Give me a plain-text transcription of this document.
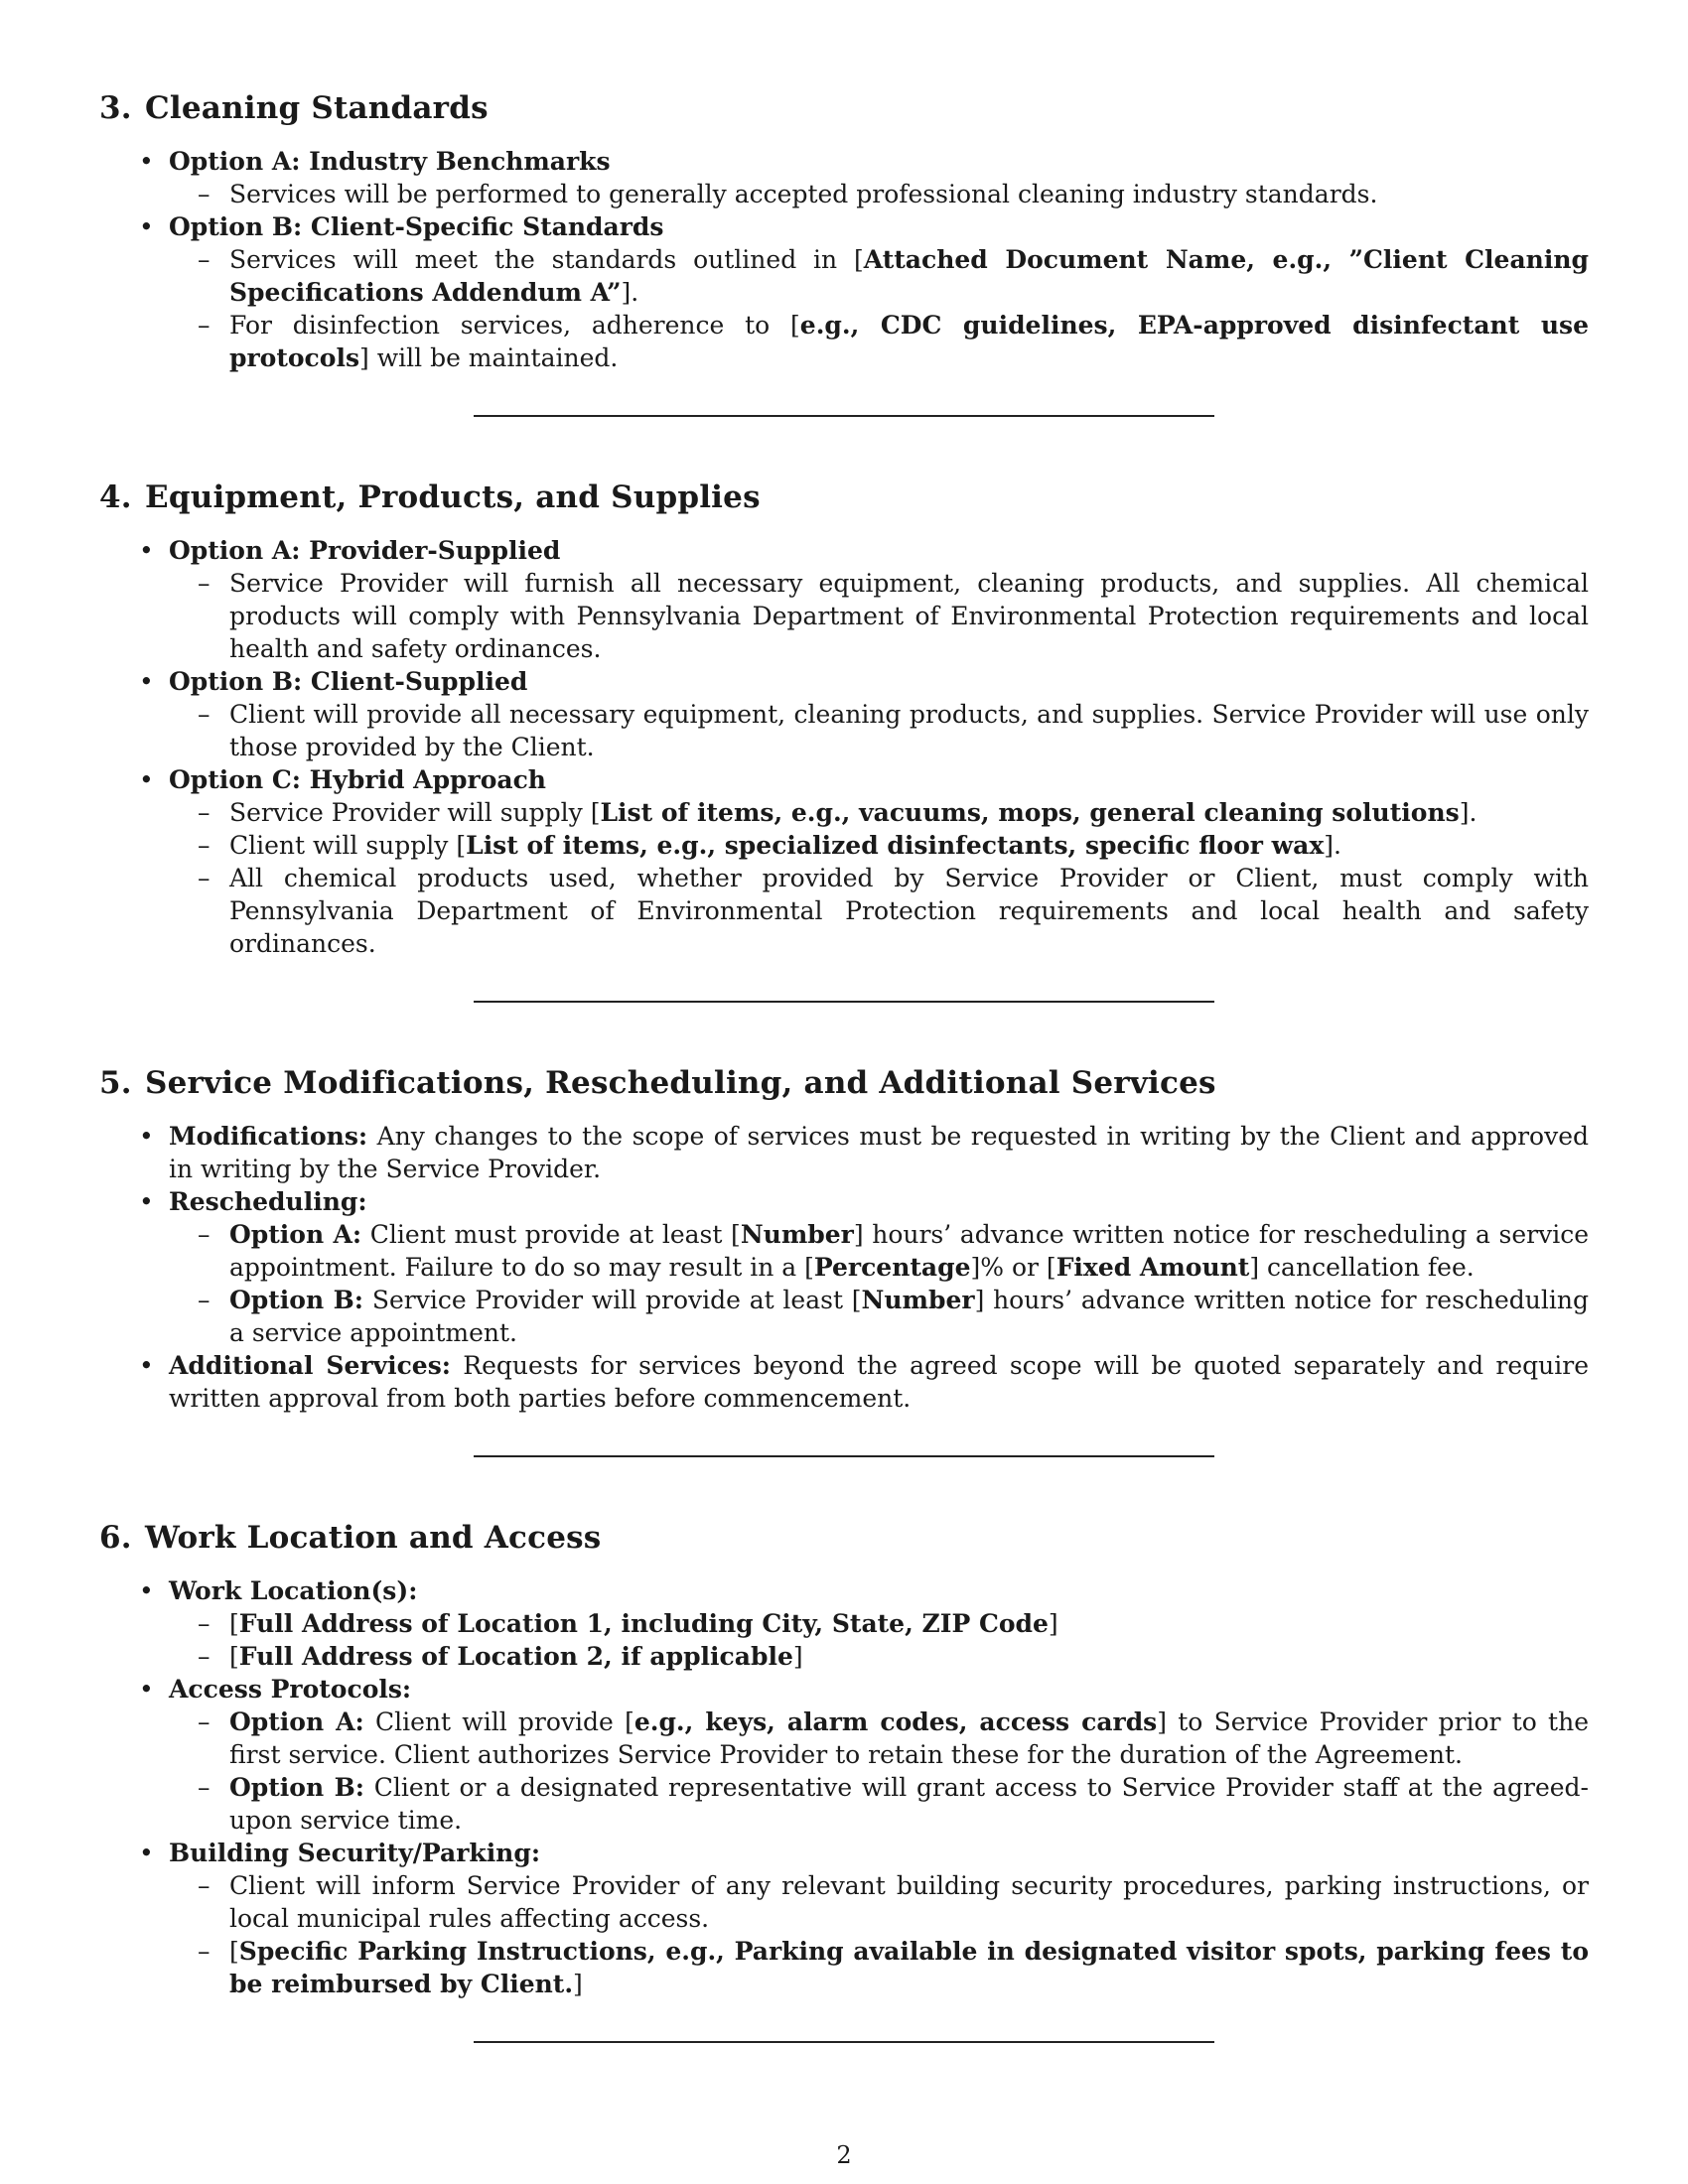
3. Cleaning Standards
• Option A: Industry Benchmarks
– Services will be performed to generally accepted professional cleaning industry standards.
• Option B: Client-Specific Standards
– Services will meet the standards outlined in [Attached Document Name, e.g., ”Client Cleaning Specifications Addendum A”].
– For disinfection services, adherence to [e.g., CDC guidelines, EPA-approved disinfectant use protocols] will be maintained.
4. Equipment, Products, and Supplies
• Option A: Provider-Supplied
– Service Provider will furnish all necessary equipment, cleaning products, and supplies. All chemical products will comply with Pennsylvania Department of Environmental Protection requirements and local health and safety ordinances.
• Option B: Client-Supplied
– Client will provide all necessary equipment, cleaning products, and supplies. Service Provider will use only those provided by the Client.
• Option C: Hybrid Approach
– Service Provider will supply [List of items, e.g., vacuums, mops, general cleaning solutions].
– Client will supply [List of items, e.g., specialized disinfectants, specific floor wax].
– All chemical products used, whether provided by Service Provider or Client, must comply with Pennsylvania Department of Environmental Protection requirements and local health and safety ordinances.
5. Service Modifications, Rescheduling, and Additional Services
• Modifications: Any changes to the scope of services must be requested in writing by the Client and approved in writing by the Service Provider.
• Rescheduling:
– Option A: Client must provide at least [Number] hours’ advance written notice for rescheduling a service appointment. Failure to do so may result in a [Percentage]% or [Fixed Amount] cancellation fee.
– Option B: Service Provider will provide at least [Number] hours’ advance written notice for rescheduling a service appointment.
• Additional Services: Requests for services beyond the agreed scope will be quoted separately and require written approval from both parties before commencement.
6. Work Location and Access
• Work Location(s):
– [Full Address of Location 1, including City, State, ZIP Code]
– [Full Address of Location 2, if applicable]
• Access Protocols:
– Option A: Client will provide [e.g., keys, alarm codes, access cards] to Service Provider prior to the first service. Client authorizes Service Provider to retain these for the duration of the Agreement.
– Option B: Client or a designated representative will grant access to Service Provider staff at the agreed-upon service time.
• Building Security/Parking:
– Client will inform Service Provider of any relevant building security procedures, parking instructions, or local municipal rules affecting access.
– [Specific Parking Instructions, e.g., Parking available in designated visitor spots, parking fees to be reimbursed by Client.]
2
